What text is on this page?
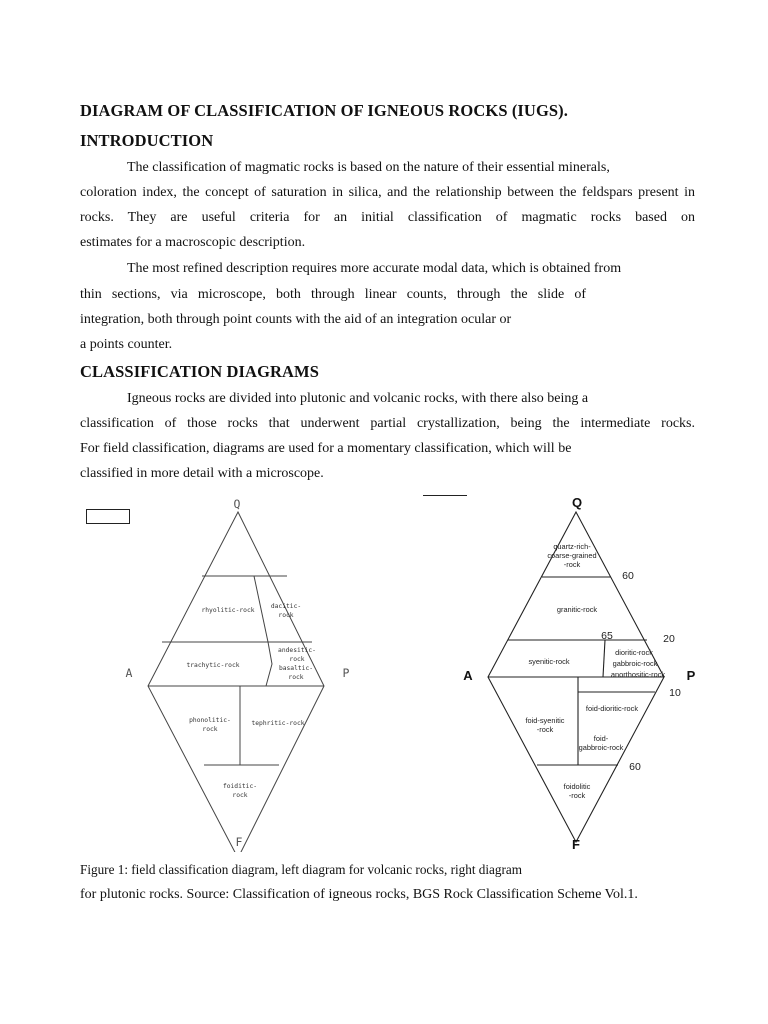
DIAGRAM OF CLASSIFICATION OF IGNEOUS ROCKS (IUGS).
INTRODUCTION

The classification of magmatic rocks is based on the nature of their essential minerals,

coloration index, the concept of saturation in silica, and the relationship between the feldspars present in

rocks. They are useful criteria for an initial classification of magmatic rocks based on

estimates for a macroscopic description.

The most refined description requires more accurate modal data, which is obtained from

thin sections, via microscope, both through linear counts, through the slide of

integration, both through point counts with the aid of an integration ocular or

a points counter.

CLASSIFICATION DIAGRAMS

Igneous rocks are divided into plutonic and volcanic rocks, with there also being a

classification of those rocks that underwent partial crystallization, being the intermediate rocks.

For field classification, diagrams are used for a momentary classification, which will be

classified in more detail with a microscope.

rhyolitic-rock
dacitic-
rock
trachytic-rock
andesitic-
rock
basaltic-
rock
phonolitic-
rock
tephritic-rock
foiditic-
rock
Q
A	P
F
quartz-rich-
coarse-grained
-rock
granitic-rock
syenitic-rock
dioritic-rock
gabbroic-rock
anorthositic-rock
foid-syenitic
-rock
foid-dioritic-rock
foid-
gabbroic-rock
foidolitic
-rock
60
65	20
10
60
Q
A	P
F

Figure 1: field classification diagram, left diagram for volcanic rocks, right diagram

for plutonic rocks. Source: Classification of igneous rocks, BGS Rock Classification Scheme Vol.1.
